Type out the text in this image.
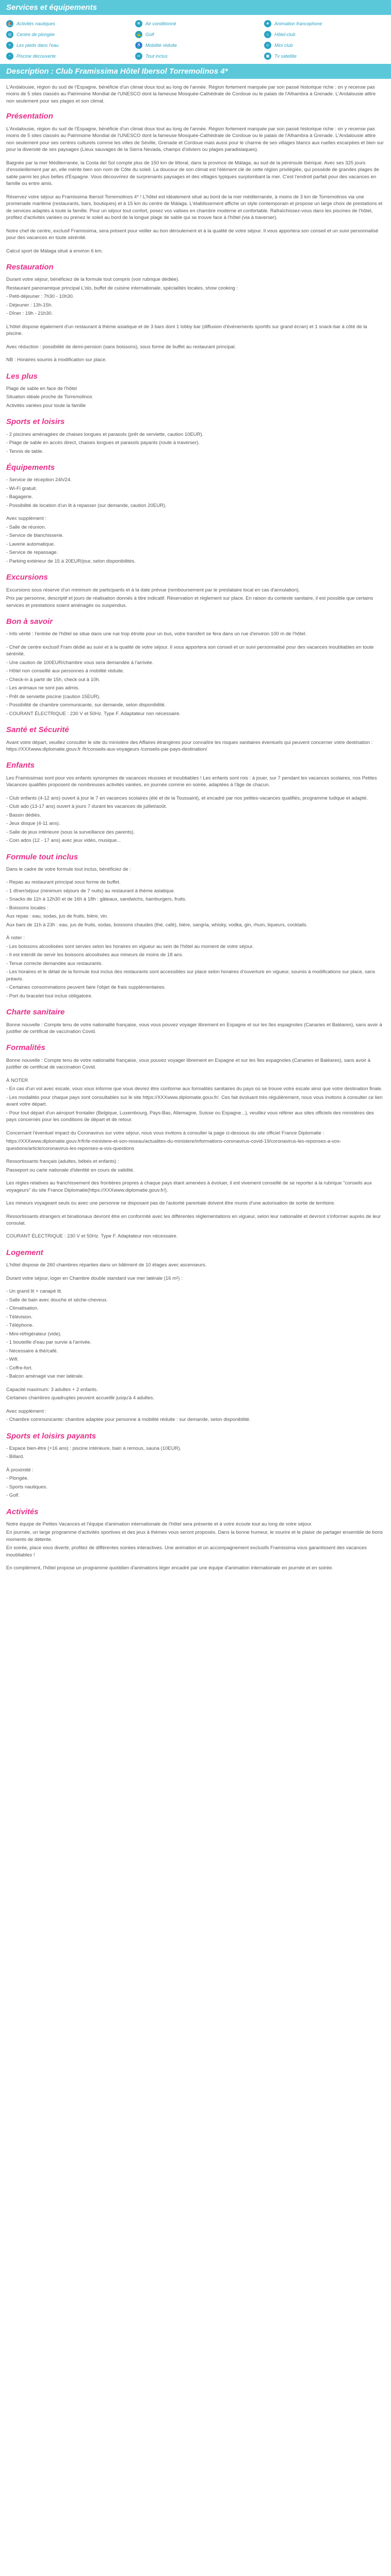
Services et équipements
⛵ Activités nautiques	❄	Air conditionné	★	Animation francophone
◎	Centre de plongée	⛳ Golf	⌂	Hôtel-club
≈	Les pieds dans l'eau	♿ Mobilité réduite	☺ Mini club
~	Piscine découverte	∞	Tout inclus	▣	Tv satellite
Description : Club Framissima Hôtel Ibersol Torremolinos 4*

L'Andalousie, région du sud de l'Espagne, bénéficie d'un climat doux tout au long de l'année. Région fortement marquée par son passé historique riche : on y recense pas moins de 5 sites classés au Patrimoine Mondial de l'UNESCO dont la fameuse Mosquée-Cathédrale de Cordoue ou le palais de l'Alhambra à Grenade. L'Andalousie attire non seulement pour ses plages et son climat.

Présentation

L'Andalousie, région du sud de l'Espagne, bénéficie d'un climat doux tout au long de l'année. Région fortement marquée par son passé historique riche : on y recense pas moins de 5 sites classés au Patrimoine Mondial de l'UNESCO dont la fameuse Mosquée-Cathédrale de Cordoue ou le palais de l'Alhambra à Grenade. L'Andalousie attire non seulement pour ses centres culturels comme les villes de Séville, Grenade et Cordoue mais aussi pour le charme de ses villages blancs aux ruelles escarpées et bien sur pour la diversité de ses paysages (Lieux sauvages de la Sierra Nevada, champs d'oliviers ou plages paradisiaques).

Baignée par la mer Méditerranée, la Costa del Sol compte plus de 150 km de littoral, dans la province de Málaga, au sud de la péninsule Ibérique. Avec ses 325 jours d'ensoleillement par an, elle mérite bien son nom de Côte du soleil. La douceur de son climat est l'élément clé de cette région privilégiée, qui possède de grandes plages de sable parmi les plus belles d'Espagne. Vous découvrirez de surprenants paysages et des villages typiques surplombant la mer. C'est l'endroit parfait pour des vacances en famille ou entre amis.

Réservez votre séjour au Framissima Ibersol Torremolinos 4* ! L'hôtel est idéalement situé au bord de la mer méditerranée, à moins de 3 km de Torremolinos via une promenade maritime (restaurants, bars, boutiques) et à 15 km du centre de Málaga. L'établissement affiche un style contemporain et propose un large choix de prestations et de services adaptés à toute la famille. Pour un séjour tout confort, posez vos valises en chambre moderne et confortable. Rafraîchissez-vous dans les piscines de l'hôtel, profitez d'activités variées ou prenez le soleil au bord de la longue plage de sable qui se trouve face à l'hôtel (via à traverser).

Notre chef de centre, exclusif Framissima, sera présent pour veiller au bon déroulement et à la qualité de votre séjour. Il vous apportera son conseil et un suivi personnalisé pour des vacances en toute sérénité.

Calcul sport de Málaga situé à environ 6 km.

Restauration

Durant votre séjour, bénéficiez de la formule tout compris (voir rubrique dédiée).

Restaurant panoramique principal L'olo, buffet de cuisine internationale, spécialités locales, show cooking :

- Petit-déjeuner : 7h30 - 10h30.

- Déjeuner : 13h-15h.

- Dîner : 19h - 21h30.

L'hôtel dispose également d'un restaurant à thème asiatique et de 3 bars dont 1 lobby bar (diffusion d'événements sportifs sur grand écran) et 1 snack-bar à côté de la piscine.

Avec réduction : possibilité de demi-pension (sans boissons), sous forme de buffet au restaurant principal.

NB : Horaires soumis à modification sur place.

Les plus

Plage de sable en face de l'hôtel

Situation idéale proche de Torremolinos

Activités variées pour toute la famille

Sports et loisirs

- 2 piscines aménagées de chaises longues et parasols (prêt de serviette, caution 10EUR).

- Plage de sable en accès direct, chaises longues et parasols payants (route à traverser).

- Tennis de table.

Équipements

- Service de réception 24h/24.

- Wi-Fi gratuit.

- Bagagerie.

- Possibilité de location d'un lit à repasser (sur demande, caution 20EUR).

Avec supplément :

- Salle de réunion.

- Service de blanchisserie.

- Laverie automatique.

- Service de repassage.

- Parking extérieur de 15 à 20EUR/jour, selon disponibilités.

Excursions

Excursions sous réserve d'un minimum de participants et à la date prévue (remboursement par le prestataire local en cas d'annulation).

Prix par personne, descriptif et jours de réalisation donnés à titre indicatif. Réservation et règlement sur place. En raison du contexte sanitaire, il est possible que certains services et prestations soient aménagés ou suspendus.

Bon à savoir

- Info vérité : l'entrée de l'hôtel se situe dans une rue trop étroite pour un bus, votre transfert se fera dans un rue d'environ 100 m de l'hôtel.

- Chef de centre exclusif Fram dédié au suivi et à la qualité de votre séjour. Il vous apportera son conseil et un suivi personnalisé pour des vacances inoubliables en toute sérénité.

- Une caution de 100EUR/chambre vous sera demandée à l'arrivée.

- Hôtel non conseillé aux personnes à mobilité réduite.

- Check-in à partir de 15h, check out à 10h.

- Les animaux ne sont pas admis.

- Prêt de serviette piscine (caution 15EUR).

- Possibilité de chambre communicante, sur demande, selon disponibilité.

- COURANT ÉLECTRIQUE : 230 V et 50Hz. Type F. Adaptateur non nécessaire.

Santé et Sécurité

Avant votre départ, veuillez consulter le site du ministère des Affaires étrangères pour connaître les risques sanitaires éventuels qui peuvent concerner votre destination : https://XXXwww.diplomatie.gouv.fr /fr/conseils-aux-voyageurs /conseils-par-pays-destination/

Enfants

Les Framissimas sont pour vos enfants synonymes de vacances réussies et inoubliables ! Les enfants sont rois : à jouer, sur 7 pendant les vacances scolaires, nos Petites Vacances qualifiés proposent de nombreuses activités variées, en journée comme en soirée, adaptées à l'âge de chacun.

- Club enfants (4-12 ans) ouvert à jour le 7 en vacances scolaires (été et de la Toussaint), et encadré par nos petites-vacances qualifiés, programme ludique et adapté.

- Club ado (13-17 ans) ouvert à jours 7 durant les vacances de juillet/août.

- Bassin dédiés.

- Jeux disque (4-11 ans).

- Salle de jeux intérieure (sous la surveillance des parents).

- Coin ados (12 - 17 ans) avec jeux vidéo, musique...

Formule tout inclus

Dans le cadre de votre formule tout inclus, bénéficiez de :

- Repas au restaurant principal sous forme de buffet.

- 1 dîner/séjour (minimum séjours de 7 nuits) au restaurant à thème asiatique.

- Snacks de 11h à 12h30 et de 16h à 18h : gâteaux, sandwichs, hamburgers, fruits.

- Boissons locales :

Aux repas : eau, sodas, jus de fruits, bière, vin.

Aux bars de 11h à 23h : eau, jus de fruits, sodas, boissons chaudes (thé, café), bière, sangria, whisky, vodka, gin, rhum, liqueurs, cocktails.

À noter :

- Les boissons alcoolisées sont servies selon les horaires en vigueur au sein de l'hôtel au moment de votre séjour.

- Il est interdit de servir les boissons alcoolisées aux mineurs de moins de 18 ans.

- Tenue correcte demandée aux restaurants.

- Les horaires et le détail de la formule tout inclus des restaurants sont accessibles sur place selon horaires d'ouverture en vigueur, soumis à modifications sur place, sans préavis.

- Certaines consommations peuvent faire l'objet de frais supplémentaires.

- Port du bracelet tout inclus obligatoire.

Charte sanitaire

Bonne nouvelle : Compte tenu de votre nationalité française, vous vous pouvez voyager librement en Espagne et sur les îles espagnoles (Canaries et Baléares), sans avoir à justifier de certificat de vaccination Covid.

Formalités

Bonne nouvelle : Compte tenu de votre nationalité française, vous pouvez voyager librement en Espagne et sur les îles espagnoles (Canaries et Baléares), sans avoir à justifier de certificat de vaccination Covid.

À NOTER

- En cas d'un vol avec escale, vous vous informe que vous devrez être conforme aux formalités sanitaires du pays où se trouve votre escale ainsi que votre destination finale.

- Les modalités pour chaque pays sont consultables sur le site https://XXXwww.diplomatie.gouv.fr/. Ces fait évoluant très régulièrement, nous vous invitons à consulter ce lien avant votre départ.

- Pour tout départ d'un aéroport frontalier (Belgique, Luxembourg, Pays-Bas, Allemagne, Suisse ou Espagne...), veuillez vous référer aux sites officiels des ministères des pays concernés pour les conditions de départ et de retour.

Concernant l'éventuel impact du Coronavirus sur votre séjour, nous vous invitons à consulter la page ci-dessous du site officiel France Diplomatie :

https://XXXwww.diplomatie.gouv.fr/fr/le-ministere-et-son-reseau/actualites-du-ministere/informations-coronavirus-covid-19/coronavirus-les-reponses-a-vos-questions/article/coronavirus-les-reponses-a-vos-questions

Ressortissants français (adultes, bébés et enfants) :

Passeport ou carte nationale d'identité en cours de validité.

Les règles relatives au franchissement des frontières propres à chaque pays étant amenées à évoluer, il est vivement conseillé de se reporter à la rubrique "conseils aux voyageurs" du site France Diplomatie(https://XXXwww.diplomatie.gouv.fr/).

Les mineurs voyageant seuls ou avec une personne ne disposant pas de l'autorité parentale doivent être munis d'une autorisation de sortie de territoire.

Ressortissants étrangers et binationaux devront être en conformité avec les différentes réglementations en vigueur, selon leur nationalité et devront s'informer auprès de leur consulat.

COURANT ÉLECTRIQUE : 230 V et 50Hz. Type F. Adaptateur non nécessaire.

Logement

L'hôtel dispose de 260 chambres réparties dans un bâtiment de 10 étages avec ascenseurs.

Durant votre séjour, loger en Chambre double standard vue mer latérale (16 m²) :

- Un grand lit + canapé lit.

- Salle de bain avec douche et sèche-cheveux.

- Climatisation.

- Télévision.

- Téléphone.

- Mini-réfrigérateur (vide).

- 1 bouteille d'eau par survie à l'arrivée.

- Nécessaire à thé/café.

- Wifi.

- Coffre-fort.

- Balcon aménagé vue mer latérale.

Capacité maximum: 3 adultes + 2 enfants.

Certaines chambres quadruples peuvent accueillir jusqu'à 4 adultes.

Avec supplément :

- Chambre communicante: chambre adaptée pour personne à mobilité réduite : sur demande, selon disponibilité.

Sports et loisirs payants

- Espace bien-être (+16 ans) : piscine intérieure, bain à remous, sauna (10EUR).

- Billard.

À proximité :

- Plongée.

- Sports nautiques.

- Golf.

Activités

Notre équipe de Petites Vacances et l'équipe d'animation internationale de l'hôtel sera présente et à votre écoute tout au long de votre séjour.

En journée, un large programme d'activités sportives et des jeux à thèmes vous seront proposés. Dans la bonne humeur, le sourire et le plaisir de partager ensemble de bons moments de détente.

En soirée, place vous divertir, profitez de différentes soirées interactives. Une animation et un accompagnement exclusifs Framissima vous garantissent des vacances inoubliables !

En complément, l'hôtel propose un programme quotidien d'animations léger encadré par une équipe d'animation internationale en journée et en soirée.
